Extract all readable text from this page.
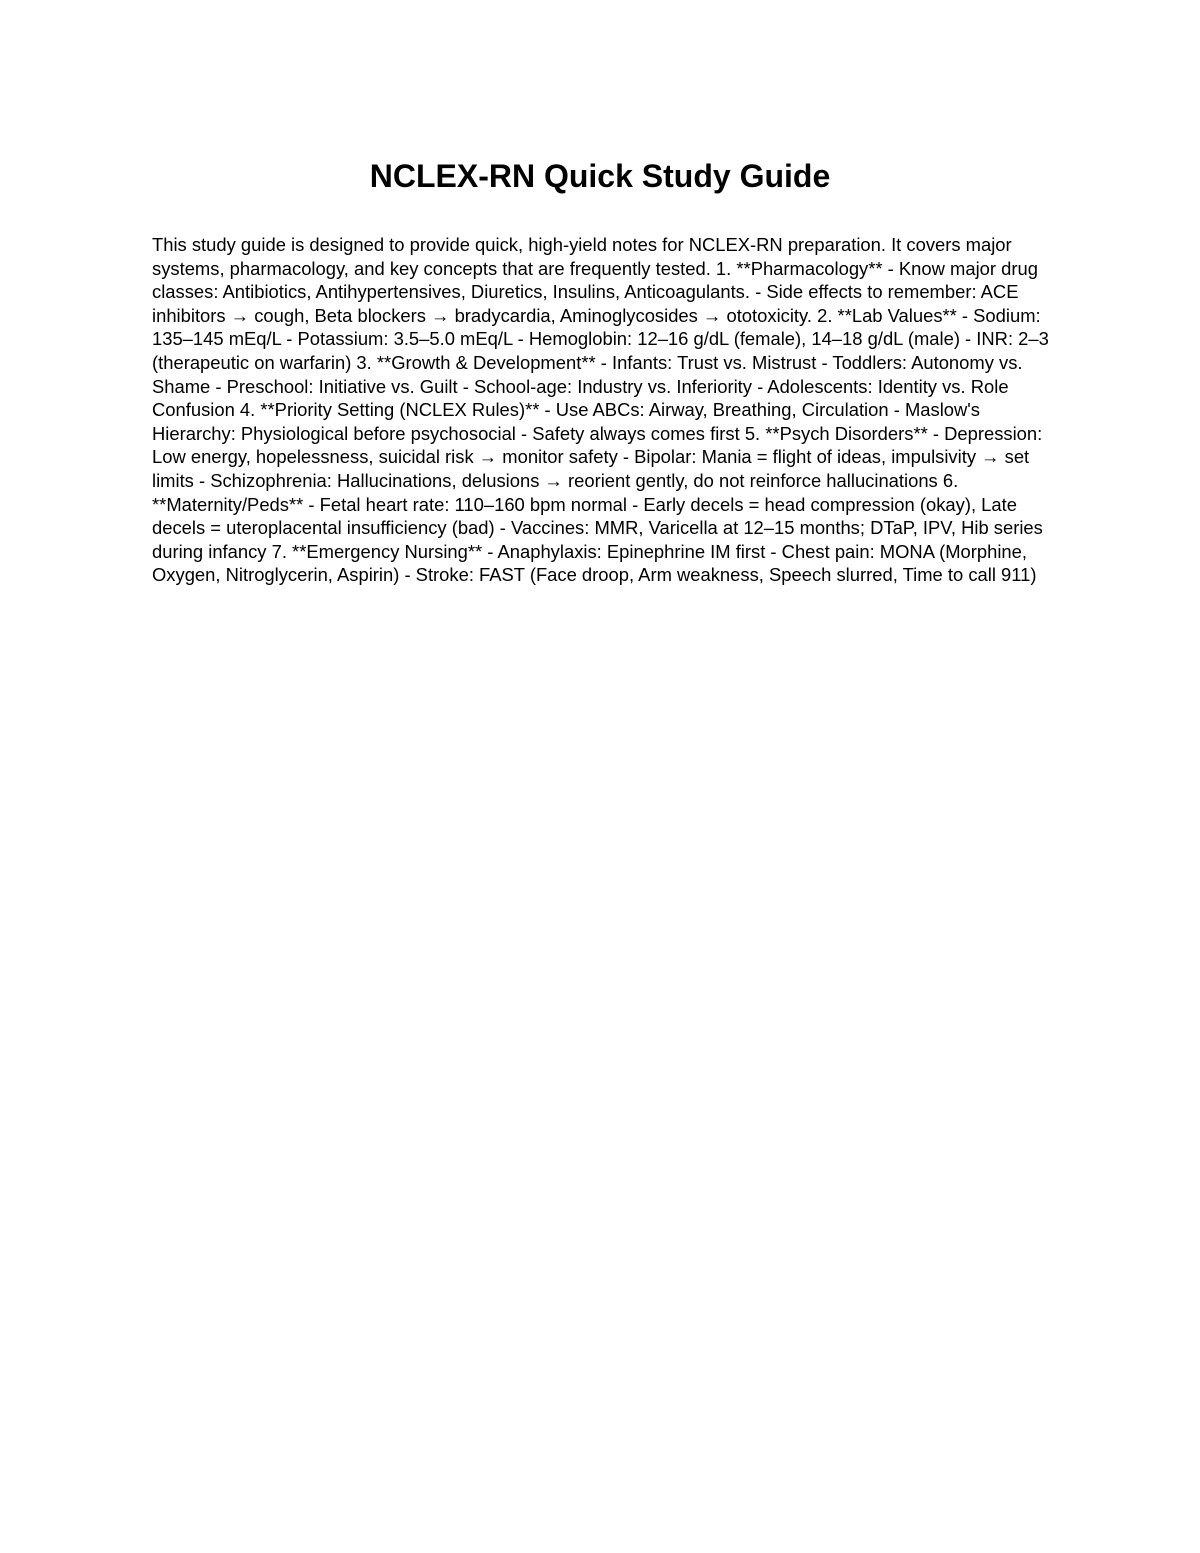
NCLEX-RN Quick Study Guide

This study guide is designed to provide quick, high-yield notes for NCLEX-RN preparation. It covers major systems, pharmacology, and key concepts that are frequently tested. 1. **Pharmacology** - Know major drug classes: Antibiotics, Antihypertensives, Diuretics, Insulins, Anticoagulants. - Side effects to remember: ACE inhibitors → cough, Beta blockers → bradycardia, Aminoglycosides → ototoxicity. 2. **Lab Values** - Sodium: 135–145 mEq/L - Potassium: 3.5–5.0 mEq/L - Hemoglobin: 12–16 g/dL (female), 14–18 g/dL (male) - INR: 2–3 (therapeutic on warfarin) 3. **Growth & Development** - Infants: Trust vs. Mistrust - Toddlers: Autonomy vs. Shame - Preschool: Initiative vs. Guilt - School-age: Industry vs. Inferiority - Adolescents: Identity vs. Role Confusion 4. **Priority Setting (NCLEX Rules)** - Use ABCs: Airway, Breathing, Circulation - Maslow's Hierarchy: Physiological before psychosocial - Safety always comes first 5. **Psych Disorders** - Depression: Low energy, hopelessness, suicidal risk → monitor safety - Bipolar: Mania = flight of ideas, impulsivity → set limits - Schizophrenia: Hallucinations, delusions → reorient gently, do not reinforce hallucinations 6. **Maternity/Peds** - Fetal heart rate: 110–160 bpm normal - Early decels = head compression (okay), Late decels = uteroplacental insufficiency (bad) - Vaccines: MMR, Varicella at 12–15 months; DTaP, IPV, Hib series during infancy 7. **Emergency Nursing** - Anaphylaxis: Epinephrine IM first - Chest pain: MONA (Morphine, Oxygen, Nitroglycerin, Aspirin) - Stroke: FAST (Face droop, Arm weakness, Speech slurred, Time to call 911)
